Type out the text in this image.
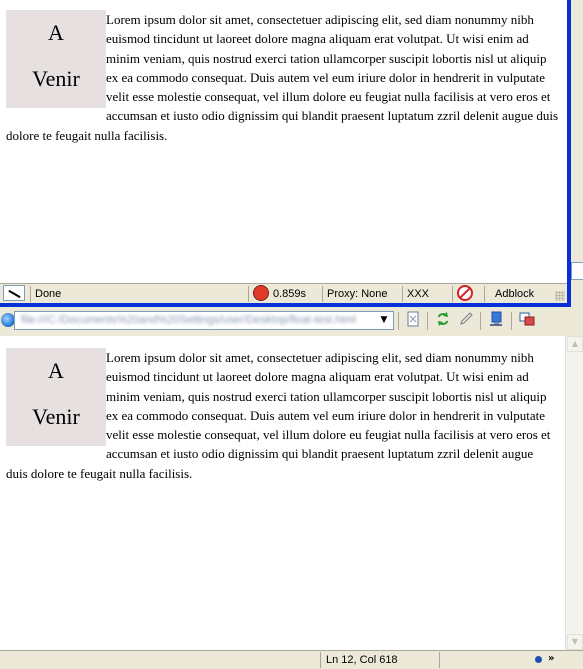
A
Venir

Lorem ipsum dolor sit amet, consectetuer adipiscing elit, sed diam nonummy nibh euismod tincidunt ut laoreet dolore magna aliquam erat volutpat. Ut wisi enim ad minim veniam, quis nostrud exerci tation ullamcorper suscipit lobortis nisl ut aliquip ex ea commodo consequat. Duis autem vel eum iriure dolor in hendrerit in vulputate velit esse molestie consequat, vel illum dolore eu feugiat nulla facilisis at vero eros et accumsan et iusto odio dignissim qui blandit praesent luptatum zzril delenit augue duis dolore te feugait nulla facilisis.

Done	0.859s	Proxy: None	XXX	Adblock
file:///C:/Documents%20and%20Settings/user/Desktop/float-test.html	▼
A
Venir

Lorem ipsum dolor sit amet, consectetuer adipiscing elit, sed diam nonummy nibh euismod tincidunt ut laoreet dolore magna aliquam erat volutpat. Ut wisi enim ad minim veniam, quis nostrud exerci tation ullamcorper suscipit lobortis nisl ut aliquip ex ea commodo consequat. Duis autem vel eum iriure dolor in hendrerit in vulputate velit esse molestie consequat, vel illum dolore eu feugiat nulla facilisis at vero eros et accumsan et iusto odio dignissim qui blandit praesent luptatum zzril delenit augue duis dolore te feugait nulla facilisis.

▲
▼
Ln 12, Col 618	»
